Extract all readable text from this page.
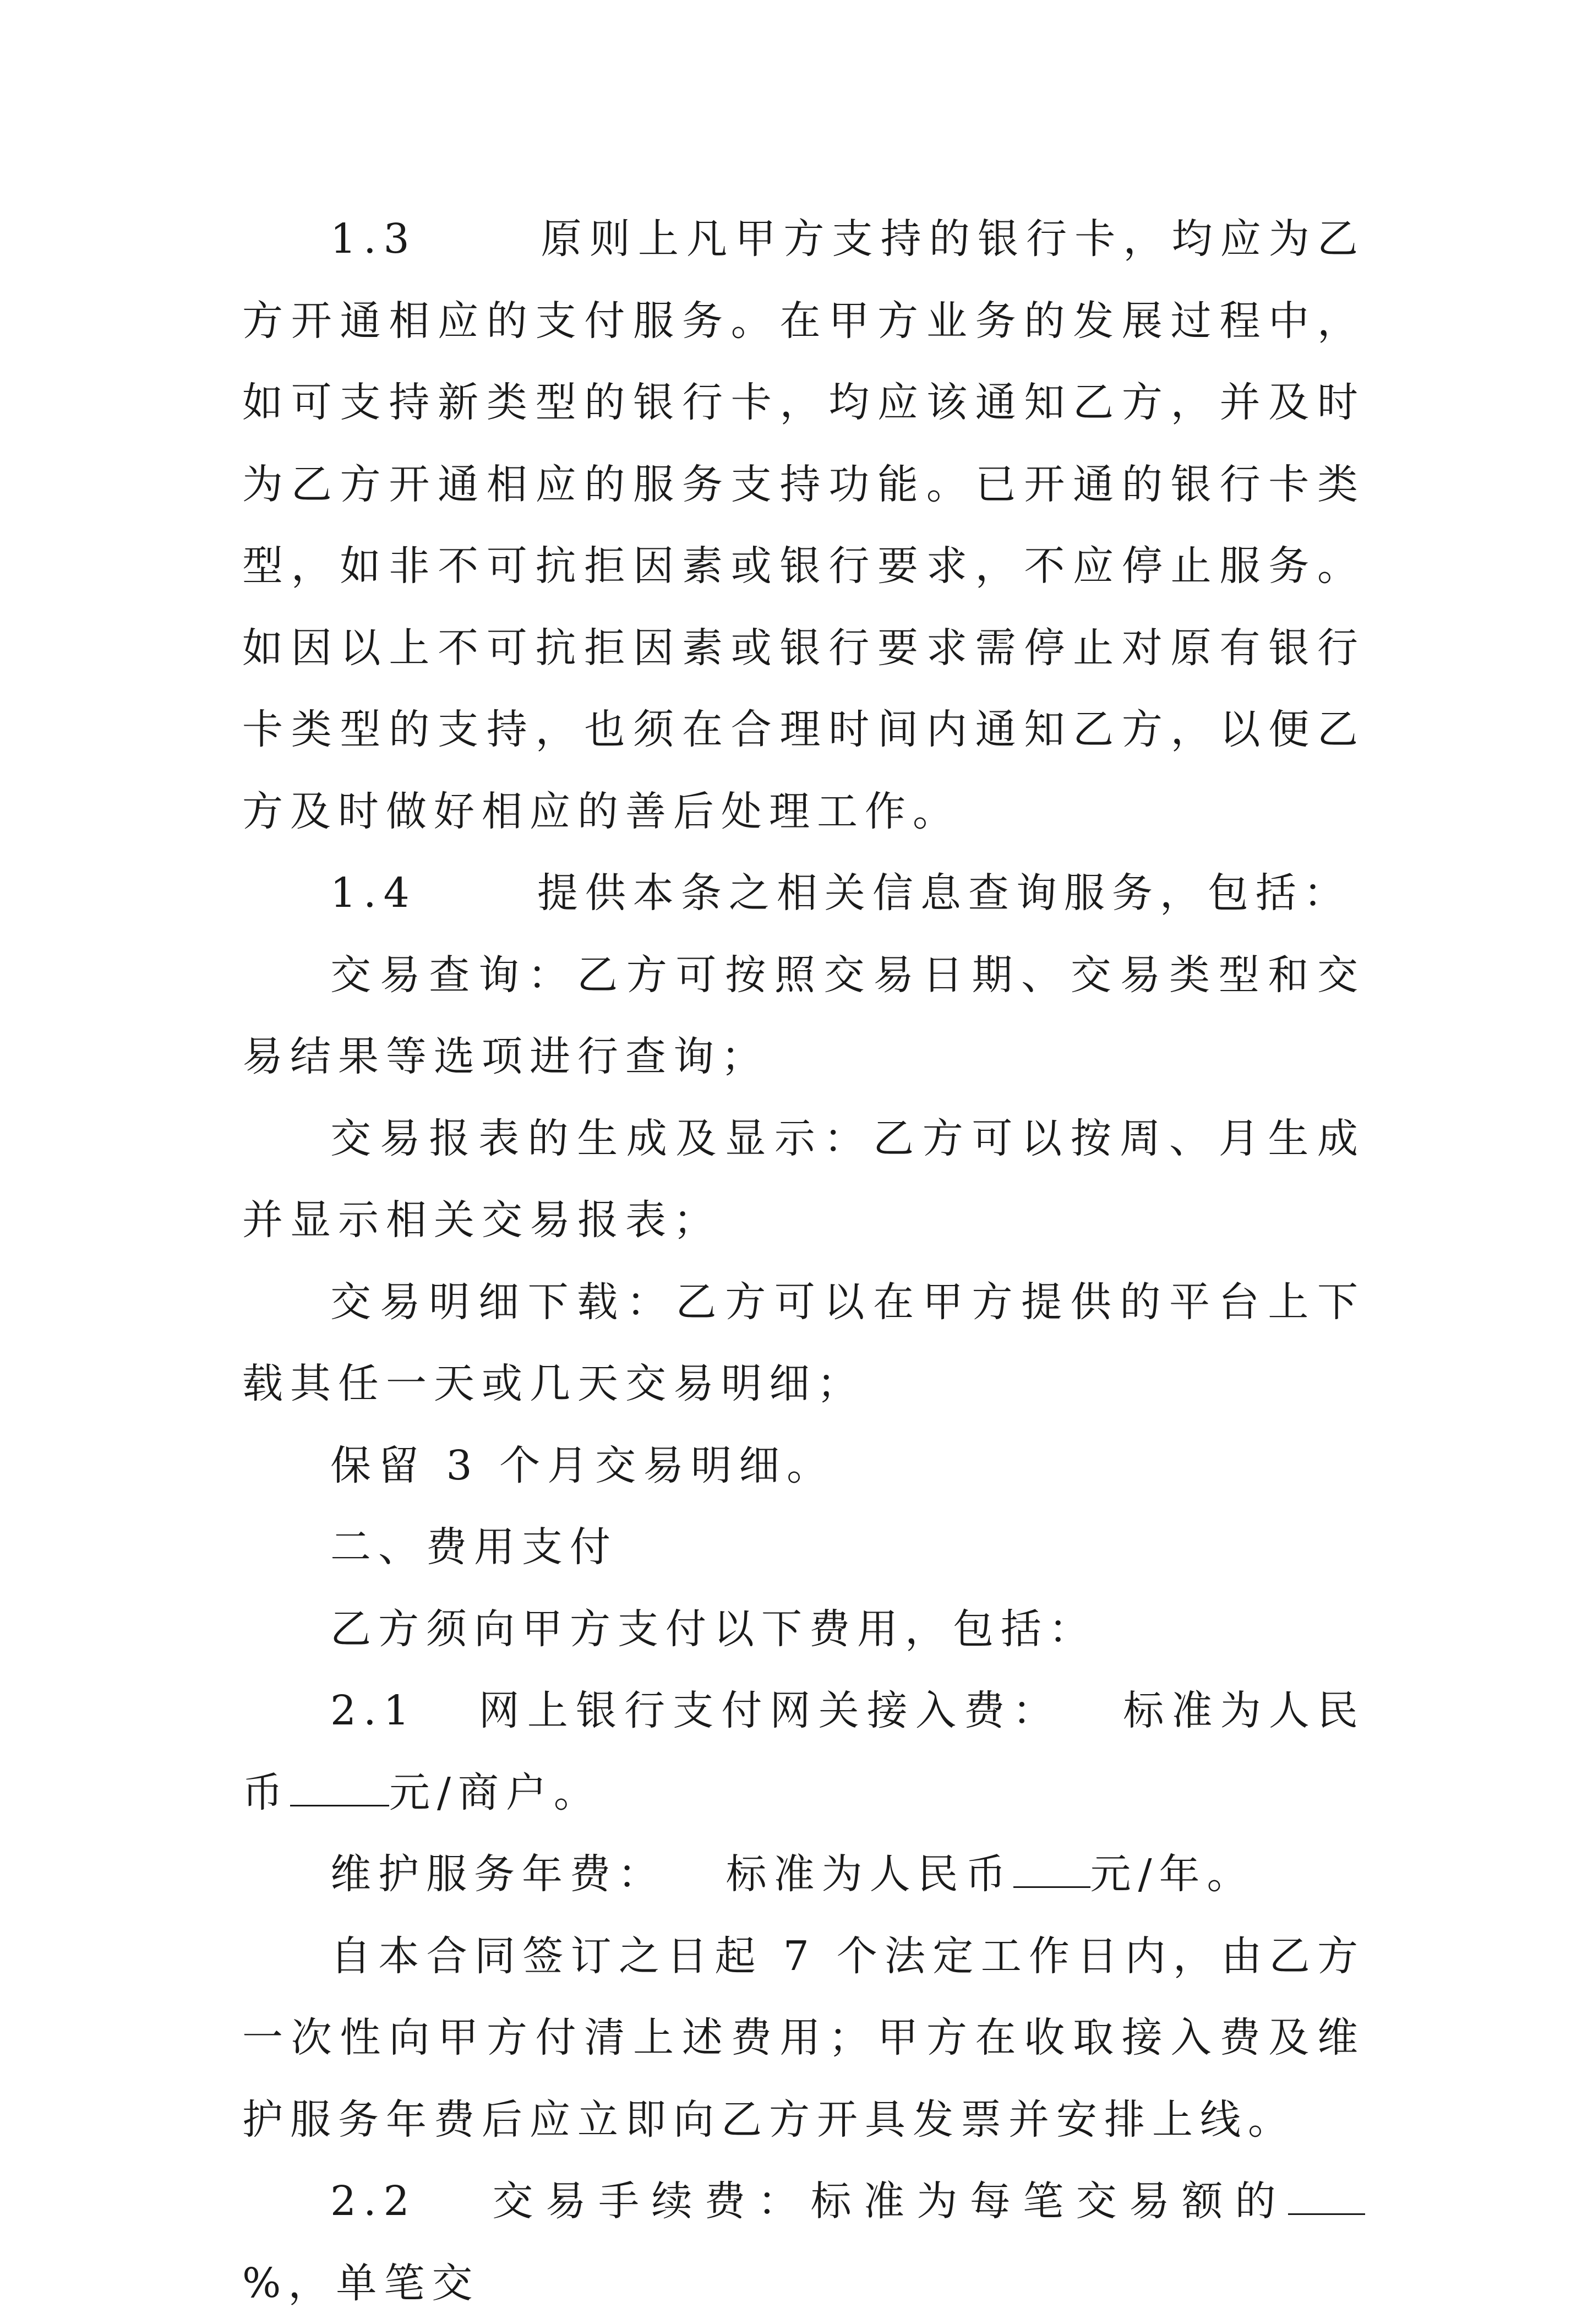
1.3      原则上凡甲方支持的银行卡，均应为乙方开通相应的支付服务。在甲方业务的发展过程中，如可支持新类型的银行卡，均应该通知乙方，并及时为乙方开通相应的服务支持功能。已开通的银行卡类型，如非不可抗拒因素或银行要求，不应停止服务。如因以上不可抗拒因素或银行要求需停止对原有银行卡类型的支持，也须在合理时间内通知乙方，以便乙方及时做好相应的善后处理工作。

1.4      提供本条之相关信息查询服务，包括：

交易查询：乙方可按照交易日期、交易类型和交易结果等选项进行查询；

交易报表的生成及显示：乙方可以按周、月生成并显示相关交易报表；

交易明细下载：乙方可以在甲方提供的平台上下载其任一天或几天交易明细；

保留 3 个月交易明细。

二、费用支付

乙方须向甲方支付以下费用，包括：

2.1   网上银行支付网关接入费：   标准为人民币 元/商户。

维护服务年费：   标准为人民币 元/年。

自本合同签订之日起 7 个法定工作日内，由乙方一次性向甲方付清上述费用；甲方在收取接入费及维护服务年费后应立即向乙方开具发票并安排上线。

2.2   交易手续费：标准为每笔交易额的%，单笔交
